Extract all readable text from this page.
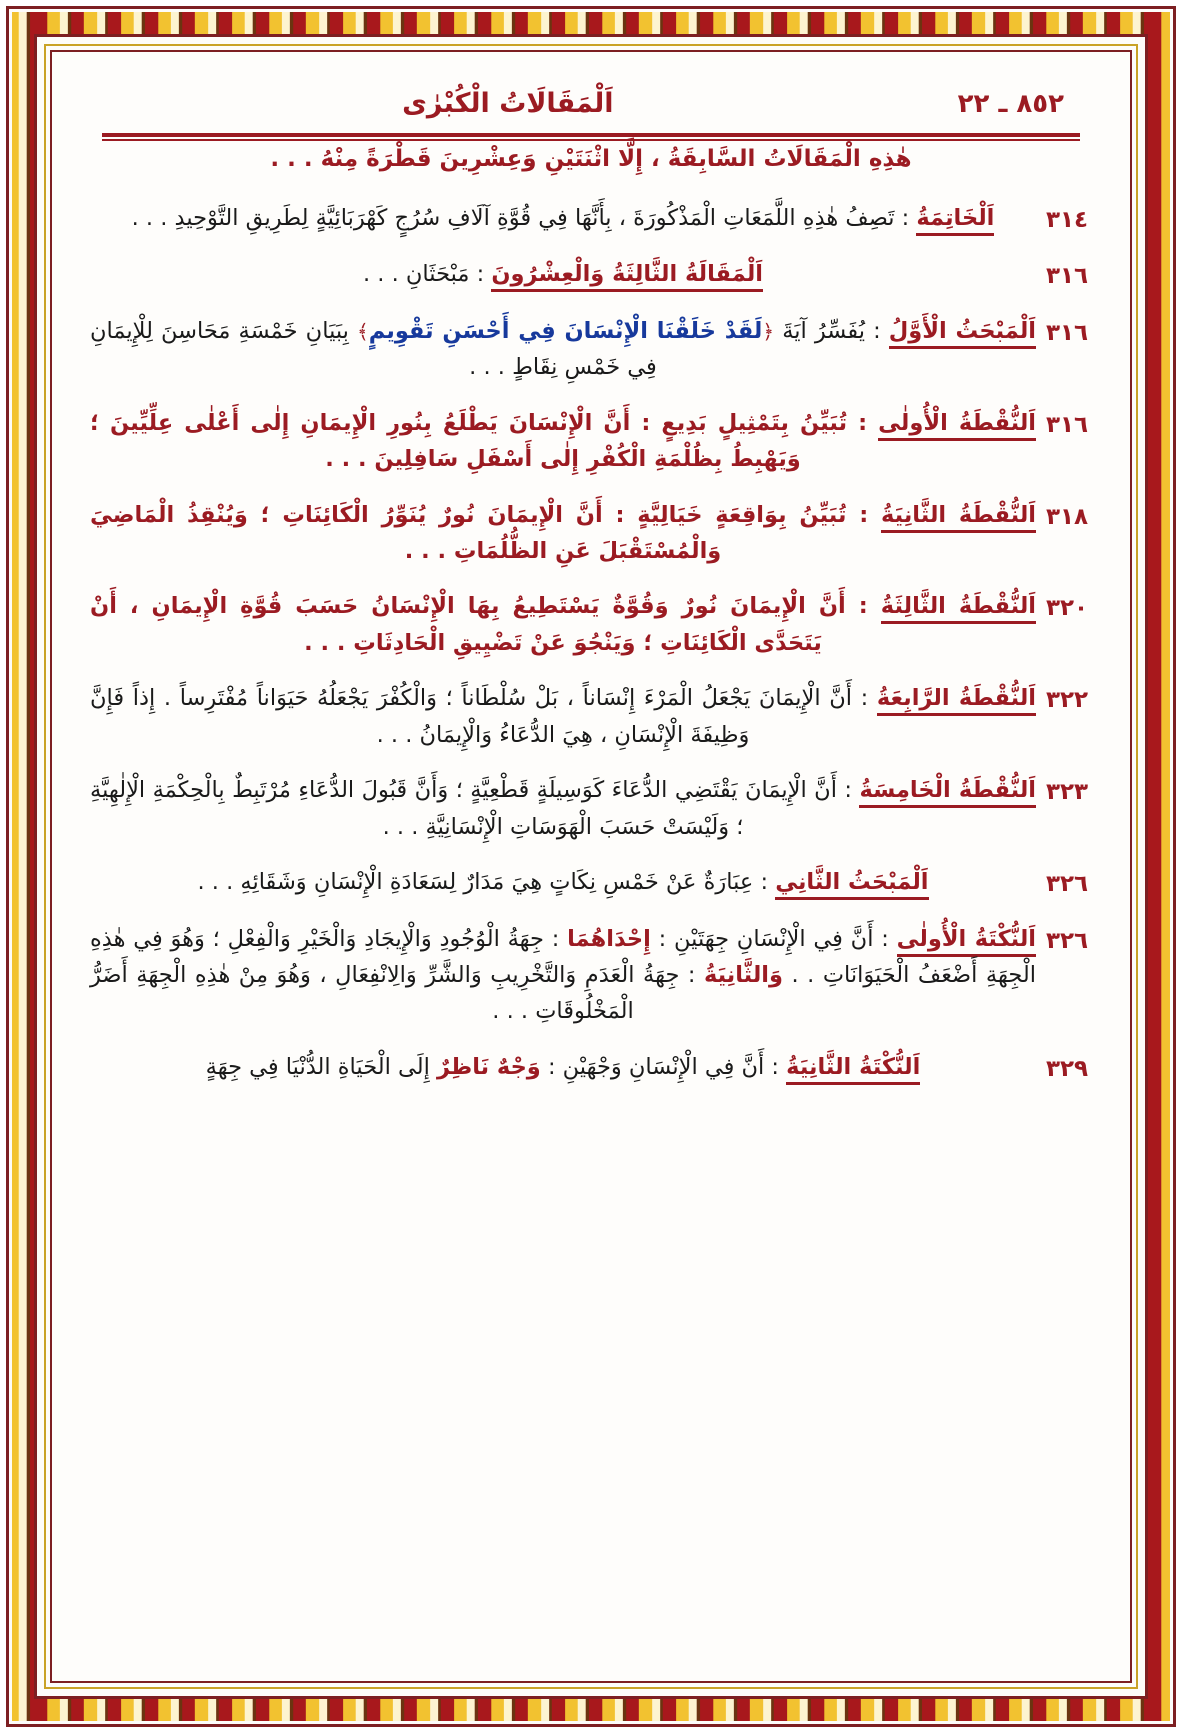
اَلْمَقَالَاتُ الْكُبْرٰى	٨٥٢ ـ ٢٢
هٰذِهِ الْمَقَالَاتُ السَّابِقَةُ ، إِلَّا اثْنَتَيْنِ وَعِشْرِينَ قَطْرَةً مِنْهُ . . .
٣١٤
اَلْخَاتِمَةُ : تَصِفُ هٰذِهِ اللَّمَعَاتِ الْمَذْكُورَةَ ، بِأَنَّهَا فِي قُوَّةِ آلَافِ سُرُجٍ كَهْرَبَائِيَّةٍ لِطَرِيقِ التَّوْحِيدِ . . .
٣١٦
اَلْمَقَالَةُ الثَّالِثَةُ وَالْعِشْرُونَ : مَبْحَثَانِ . . .
٣١٦
اَلْمَبْحَثُ الْأَوَّلُ : يُفَسِّرُ آيَةَ ﴿لَقَدْ خَلَقْنَا الْإِنْسَانَ فِي أَحْسَنِ تَقْوِيمٍ﴾ بِبَيَانِ خَمْسَةِ مَحَاسِنَ لِلْإِيمَانِ فِي خَمْسِ نِقَاطٍ . . .
٣١٦
اَلنُّقْطَةُ الْأُولٰى : تُبَيِّنُ بِتَمْثِيلٍ بَدِيعٍ : أَنَّ الْإِنْسَانَ يَطْلَعُ بِنُورِ الْإِيمَانِ إِلٰى أَعْلٰى عِلِّيِّينَ ؛ وَيَهْبِطُ بِظُلْمَةِ الْكُفْرِ إِلٰى أَسْفَلِ سَافِلِينَ . . .
٣١٨
اَلنُّقْطَةُ الثَّانِيَةُ : تُبَيِّنُ بِوَاقِعَةٍ خَيَالِيَّةٍ : أَنَّ الْإِيمَانَ نُورٌ يُنَوِّرُ الْكَائِنَاتِ ؛ وَيُنْقِذُ الْمَاضِيَ وَالْمُسْتَقْبَلَ عَنِ الظُّلُمَاتِ . . .
٣٢٠
اَلنُّقْطَةُ الثَّالِثَةُ : أَنَّ الْإِيمَانَ نُورٌ وَقُوَّةٌ يَسْتَطِيعُ بِهَا الْإِنْسَانُ حَسَبَ قُوَّةِ الْإِيمَانِ ، أَنْ يَتَحَدَّى الْكَائِنَاتِ ؛ وَيَنْجُوَ عَنْ تَضْيِيقِ الْحَادِثَاتِ . . .
٣٢٢
اَلنُّقْطَةُ الرَّابِعَةُ : أَنَّ الْإِيمَانَ يَجْعَلُ الْمَرْءَ إِنْسَاناً ، بَلْ سُلْطَاناً ؛ وَالْكُفْرَ يَجْعَلُهُ حَيَوَاناً مُفْتَرِساً . إِذاً فَإِنَّ وَظِيفَةَ الْإِنْسَانِ ، هِيَ الدُّعَاءُ وَالْإِيمَانُ . . .
٣٢٣
اَلنُّقْطَةُ الْخَامِسَةُ : أَنَّ الْإِيمَانَ يَقْتَضِي الدُّعَاءَ كَوَسِيلَةٍ قَطْعِيَّةٍ ؛ وَأَنَّ قَبُولَ الدُّعَاءِ مُرْتَبِطٌ بِالْحِكْمَةِ الْإِلٰهِيَّةِ ؛ وَلَيْسَتْ حَسَبَ الْهَوَسَاتِ الْإِنْسَانِيَّةِ . . .
٣٢٦
اَلْمَبْحَثُ الثَّانِي : عِبَارَةٌ عَنْ خَمْسِ نِكَاتٍ هِيَ مَدَارٌ لِسَعَادَةِ الْإِنْسَانِ وَشَقَائِهِ . . .
٣٢٦
اَلنُّكْتَةُ الْأُولٰى : أَنَّ فِي الْإِنْسَانِ جِهَتَيْنِ : إِحْدَاهُمَا : جِهَةُ الْوُجُودِ وَالْإِيجَادِ وَالْخَيْرِ وَالْفِعْلِ ؛ وَهُوَ فِي هٰذِهِ الْجِهَةِ أَضْعَفُ الْحَيَوَانَاتِ . . وَالثَّانِيَةُ : جِهَةُ الْعَدَمِ وَالتَّخْرِيبِ وَالشَّرِّ وَالِانْفِعَالِ ، وَهُوَ مِنْ هٰذِهِ الْجِهَةِ أَضَرُّ الْمَخْلُوقَاتِ . . .
٣٢٩
اَلنُّكْتَةُ الثَّانِيَةُ : أَنَّ فِي الْإِنْسَانِ وَجْهَيْنِ : وَجْهٌ نَاظِرٌ إِلَى الْحَيَاةِ الدُّنْيَا فِي جِهَةٍ
